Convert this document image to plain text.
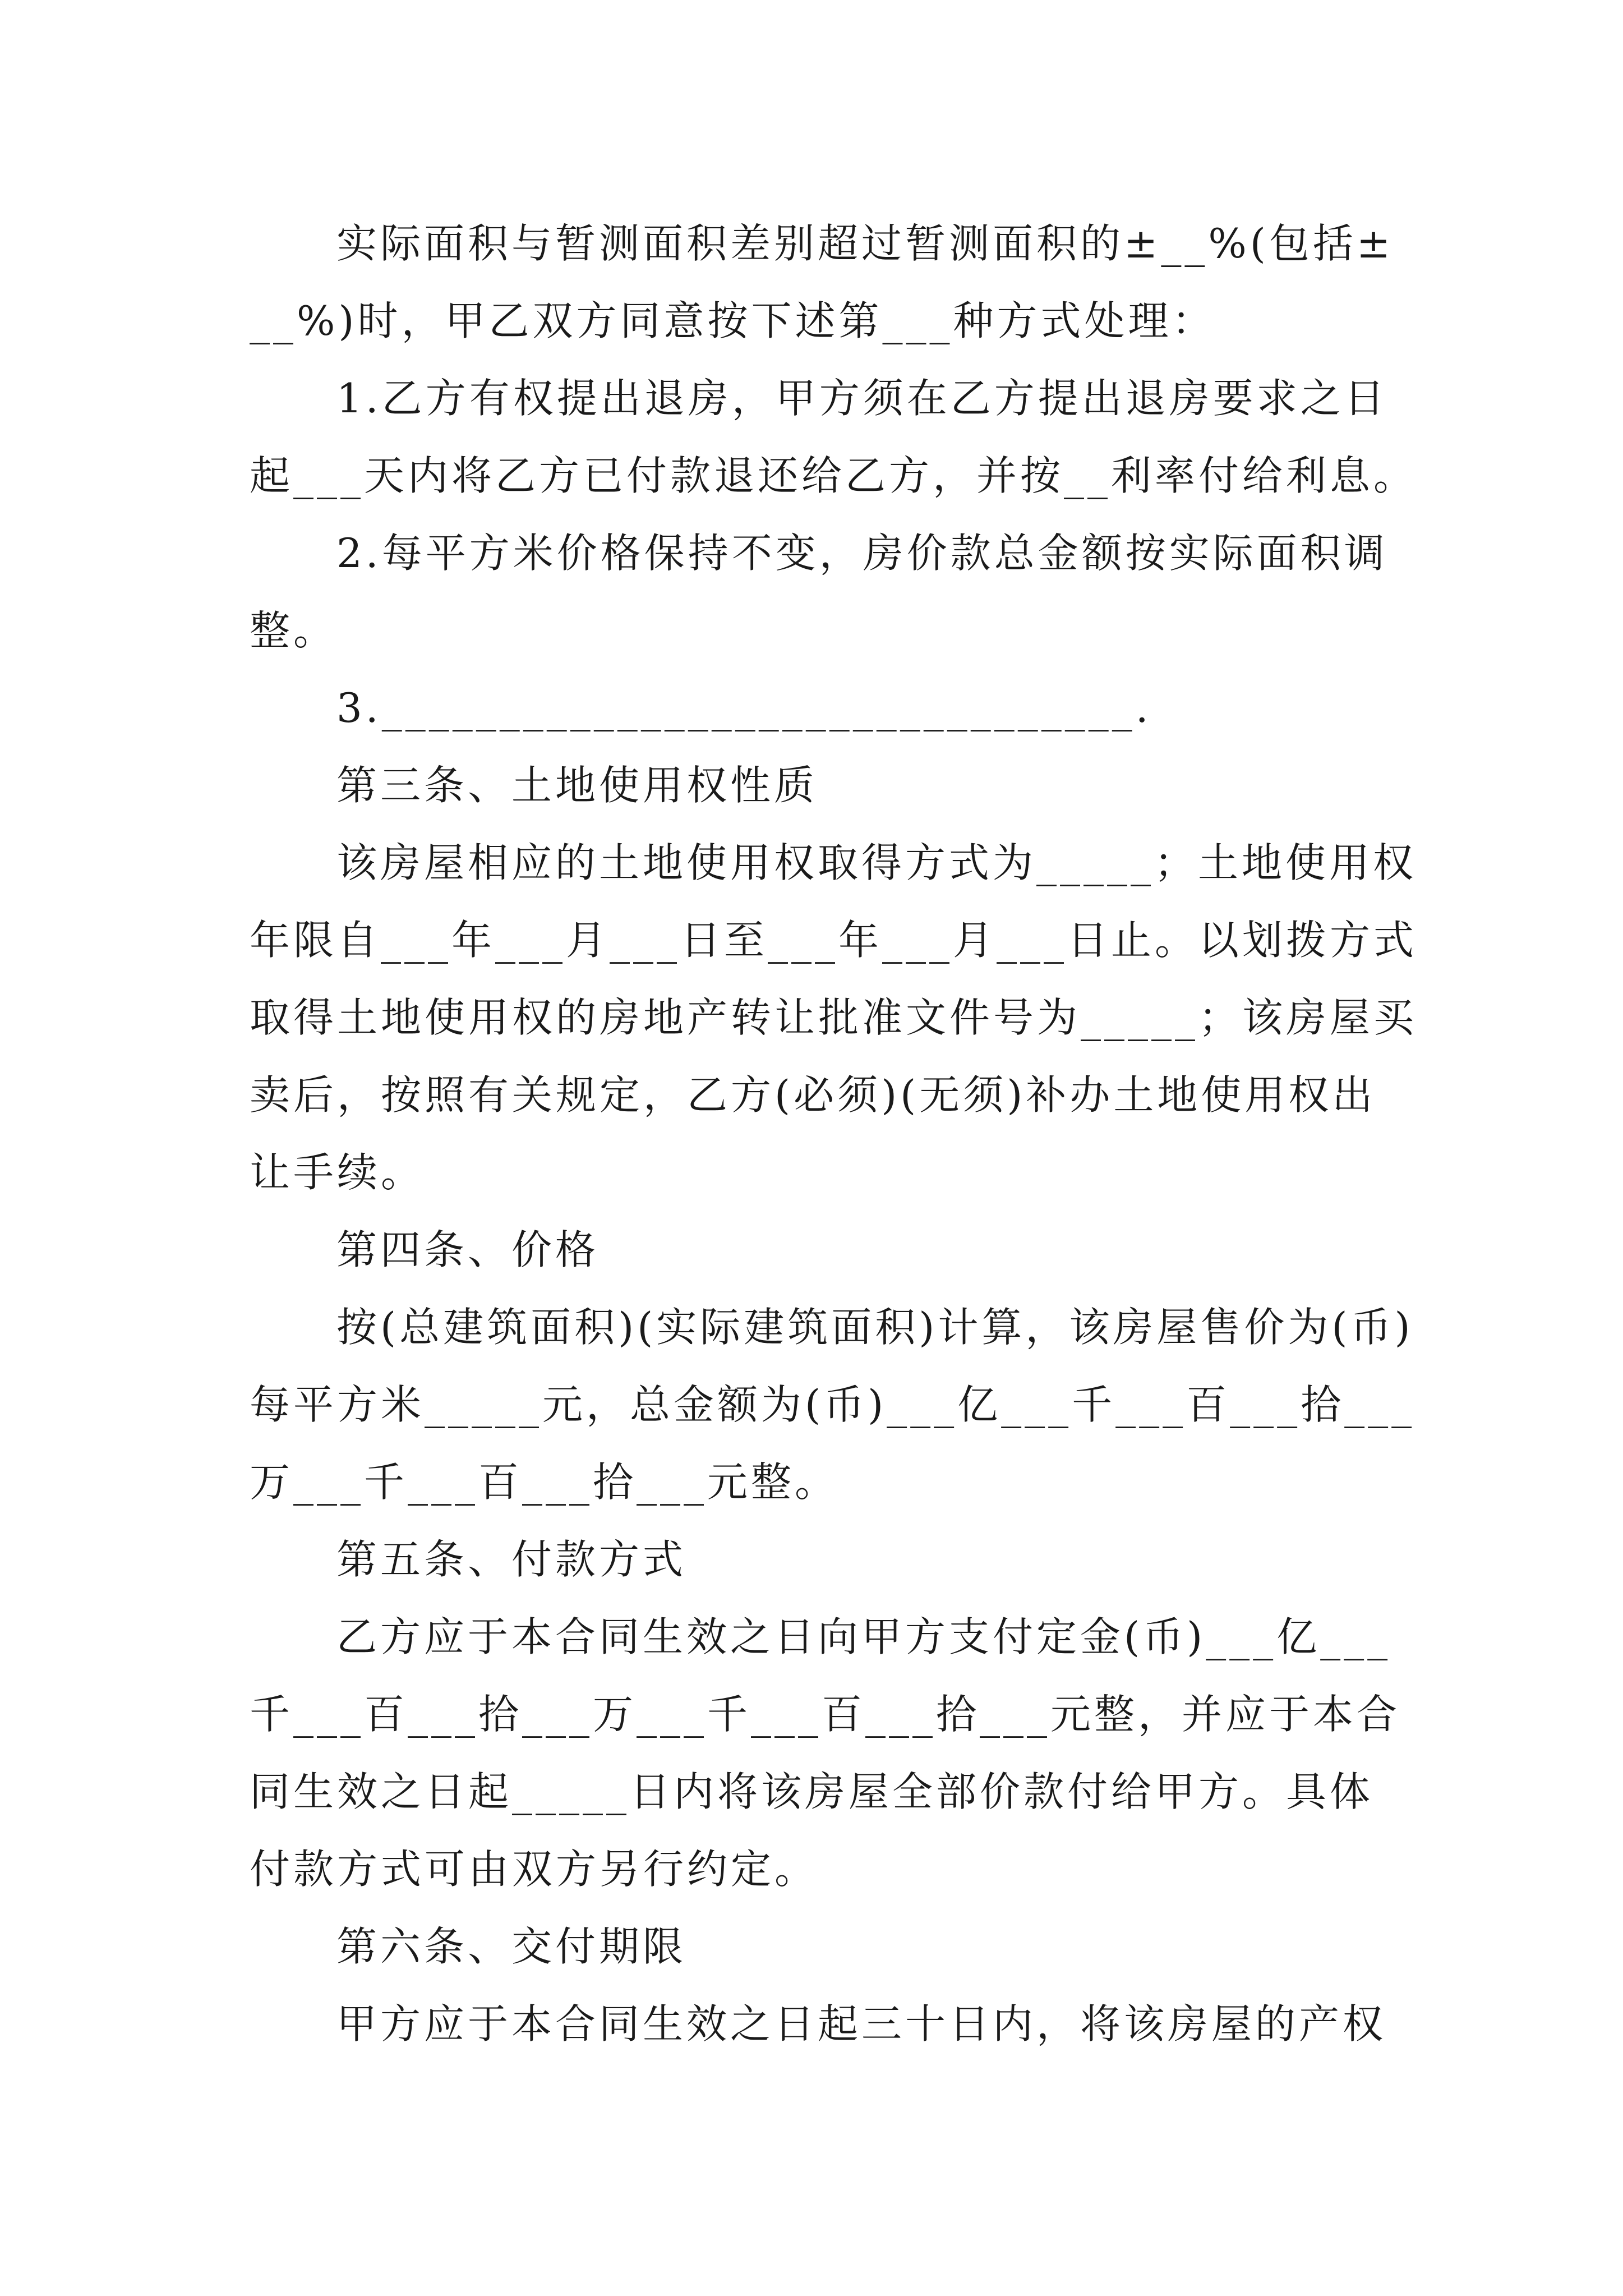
实际面积与暂测面积差别超过暂测面积的±__%(包括±
__%)时，甲乙双方同意按下述第___种方式处理：
1.乙方有权提出退房，甲方须在乙方提出退房要求之日
起___天内将乙方已付款退还给乙方，并按__利率付给利息。
2.每平方米价格保持不变，房价款总金额按实际面积调
整。
3.________________________________.
第三条、土地使用权性质
该房屋相应的土地使用权取得方式为_____；土地使用权
年限自___年___月___日至___年___月___日止。以划拨方式
取得土地使用权的房地产转让批准文件号为_____；该房屋买
卖后，按照有关规定，乙方(必须)(无须)补办土地使用权出
让手续。
第四条、价格
按(总建筑面积)(实际建筑面积)计算，该房屋售价为(币)
每平方米_____元，总金额为(币)___亿___千___百___拾___
万___千___百___拾___元整。
第五条、付款方式
乙方应于本合同生效之日向甲方支付定金(币)___亿___
千___百___拾___万___千___百___拾___元整，并应于本合
同生效之日起_____日内将该房屋全部价款付给甲方。具体
付款方式可由双方另行约定。
第六条、交付期限
甲方应于本合同生效之日起三十日内，将该房屋的产权
